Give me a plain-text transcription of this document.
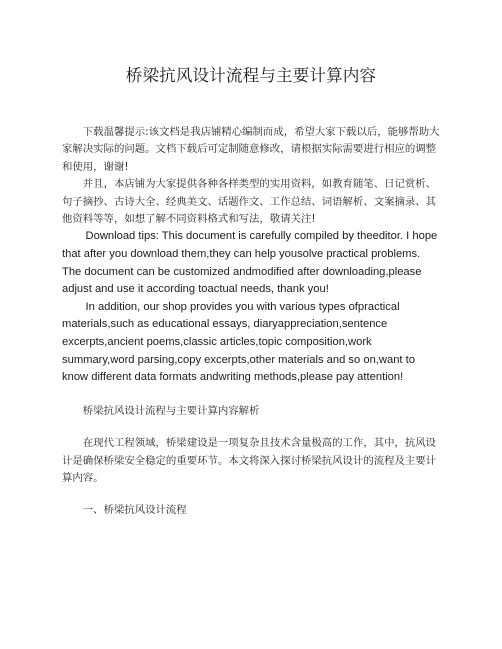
桥梁抗风设计流程与主要计算内容

下载温馨提示:该文档是我店铺精心编制而成，希望大家下载以后，能够帮助大家解决实际的问题。文档下载后可定制随意修改，请根据实际需要进行相应的调整和使用，谢谢!

并且，本店铺为大家提供各种各样类型的实用资料，如教育随笔、日记赏析、句子摘抄、古诗大全、经典美文、话题作文、工作总结、词语解析、文案摘录、其他资料等等，如想了解不同资料格式和写法，敬请关注!

Download tips: This document is carefully compiled by theeditor. I hope that after you download them,they can help yousolve practical problems. The document can be customized andmodified after downloading,please adjust and use it according toactual needs, thank you!

In addition, our shop provides you with various types ofpractical materials,such as educational essays, diaryappreciation,sentence excerpts,ancient poems,classic articles,topic composition,work summary,word parsing,copy excerpts,other materials and so on,want to know different data formats andwriting methods,please pay attention!

桥梁抗风设计流程与主要计算内容解析

在现代工程领域，桥梁建设是一项复杂且技术含量极高的工作，其中，抗风设计是确保桥梁安全稳定的重要环节。本文将深入探讨桥梁抗风设计的流程及主要计算内容。

一、桥梁抗风设计流程
